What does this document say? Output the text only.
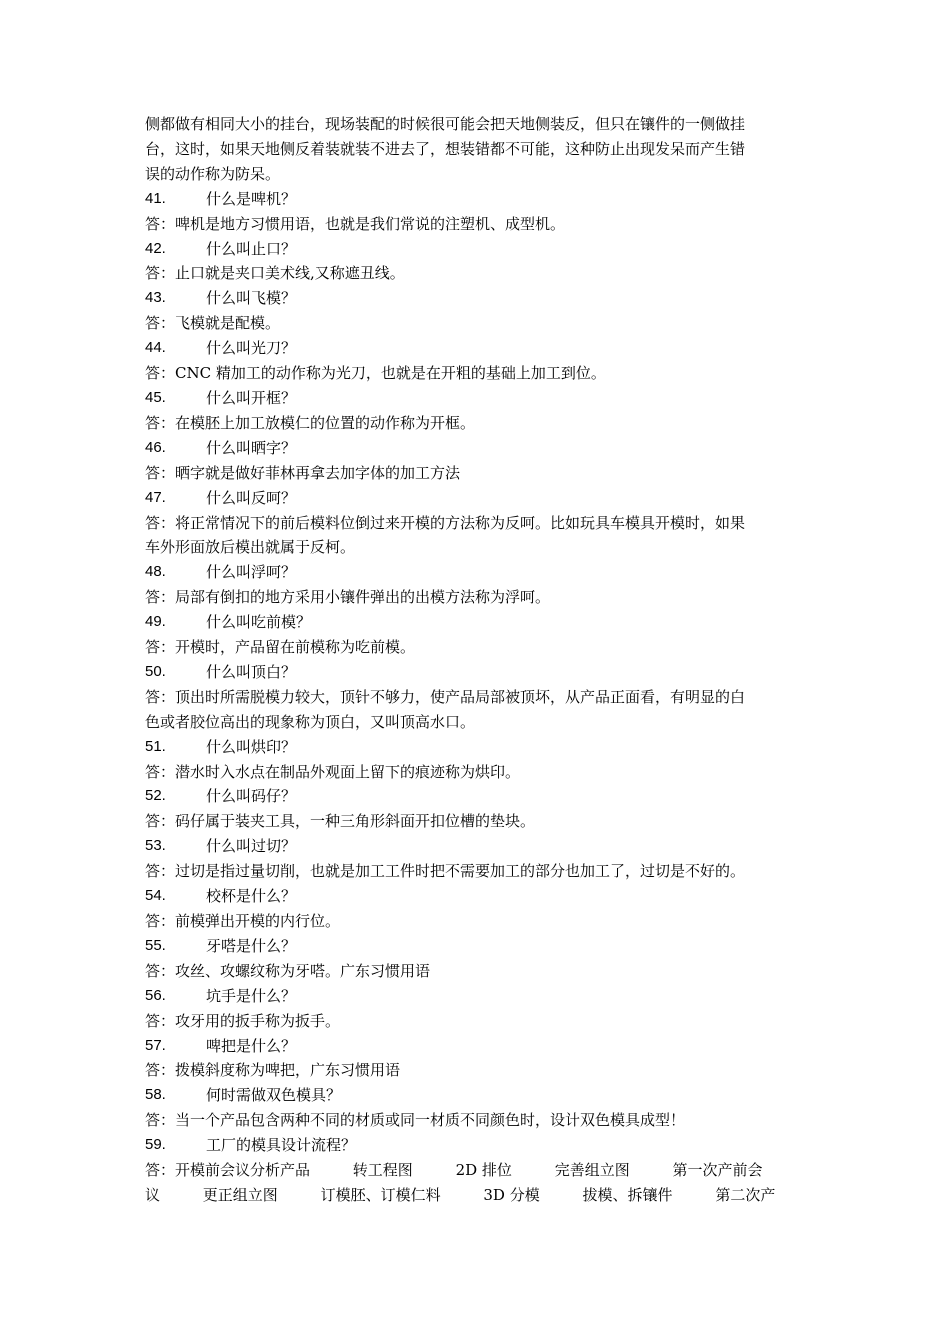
侧都做有相同大小的挂台，现场装配的时候很可能会把天地侧装反，但只在镶件的一侧做挂

台，这时，如果天地侧反着装就装不进去了，想装错都不可能，这种防止出现发呆而产生错

误的动作称为防呆。

41.	什么是啤机？

答：啤机是地方习惯用语，也就是我们常说的注塑机、成型机。

42.	什么叫止口？

答：止口就是夹口美术线,又称遮丑线。

43.	什么叫飞模？

答：飞模就是配模。

44.	什么叫光刀？

答：CNC 精加工的动作称为光刀，也就是在开粗的基础上加工到位。

45.	什么叫开框？

答：在模胚上加工放模仁的位置的动作称为开框。

46.	什么叫晒字？

答：晒字就是做好菲林再拿去加字体的加工方法

47.	什么叫反呵？

答：将正常情况下的前后模料位倒过来开模的方法称为反呵。比如玩具车模具开模时，如果

车外形面放后模出就属于反柯。

48.	什么叫浮呵？

答：局部有倒扣的地方采用小镶件弹出的出模方法称为浮呵。

49.	什么叫吃前模？

答：开模时，产品留在前模称为吃前模。

50.	什么叫顶白？

答：顶出时所需脱模力较大，顶针不够力，使产品局部被顶坏，从产品正面看，有明显的白

色或者胶位高出的现象称为顶白，又叫顶高水口。

51.	什么叫烘印？

答：潜水时入水点在制品外观面上留下的痕迹称为烘印。

52.	什么叫码仔？

答：码仔属于装夹工具，一种三角形斜面开扣位槽的垫块。

53.	什么叫过切？

答：过切是指过量切削，也就是加工工件时把不需要加工的部分也加工了，过切是不好的。

54.	校杯是什么？

答：前模弹出开模的内行位。

55.	牙嗒是什么？

答：攻丝、攻螺纹称为牙嗒。广东习惯用语

56.	坑手是什么？

答：攻牙用的扳手称为扳手。

57.	啤把是什么？

答：拨模斜度称为啤把，广东习惯用语

58.	何时需做双色模具？

答：当一个产品包含两种不同的材质或同一材质不同颜色时，设计双色模具成型！

59.	工厂的模具设计流程？

答：开模前会议分析产品	转工程图	2D 排位	完善组立图	第一次产前会

议	更正组立图	订模胚、订模仁料	3D 分模	拔模、拆镶件	第二次产
